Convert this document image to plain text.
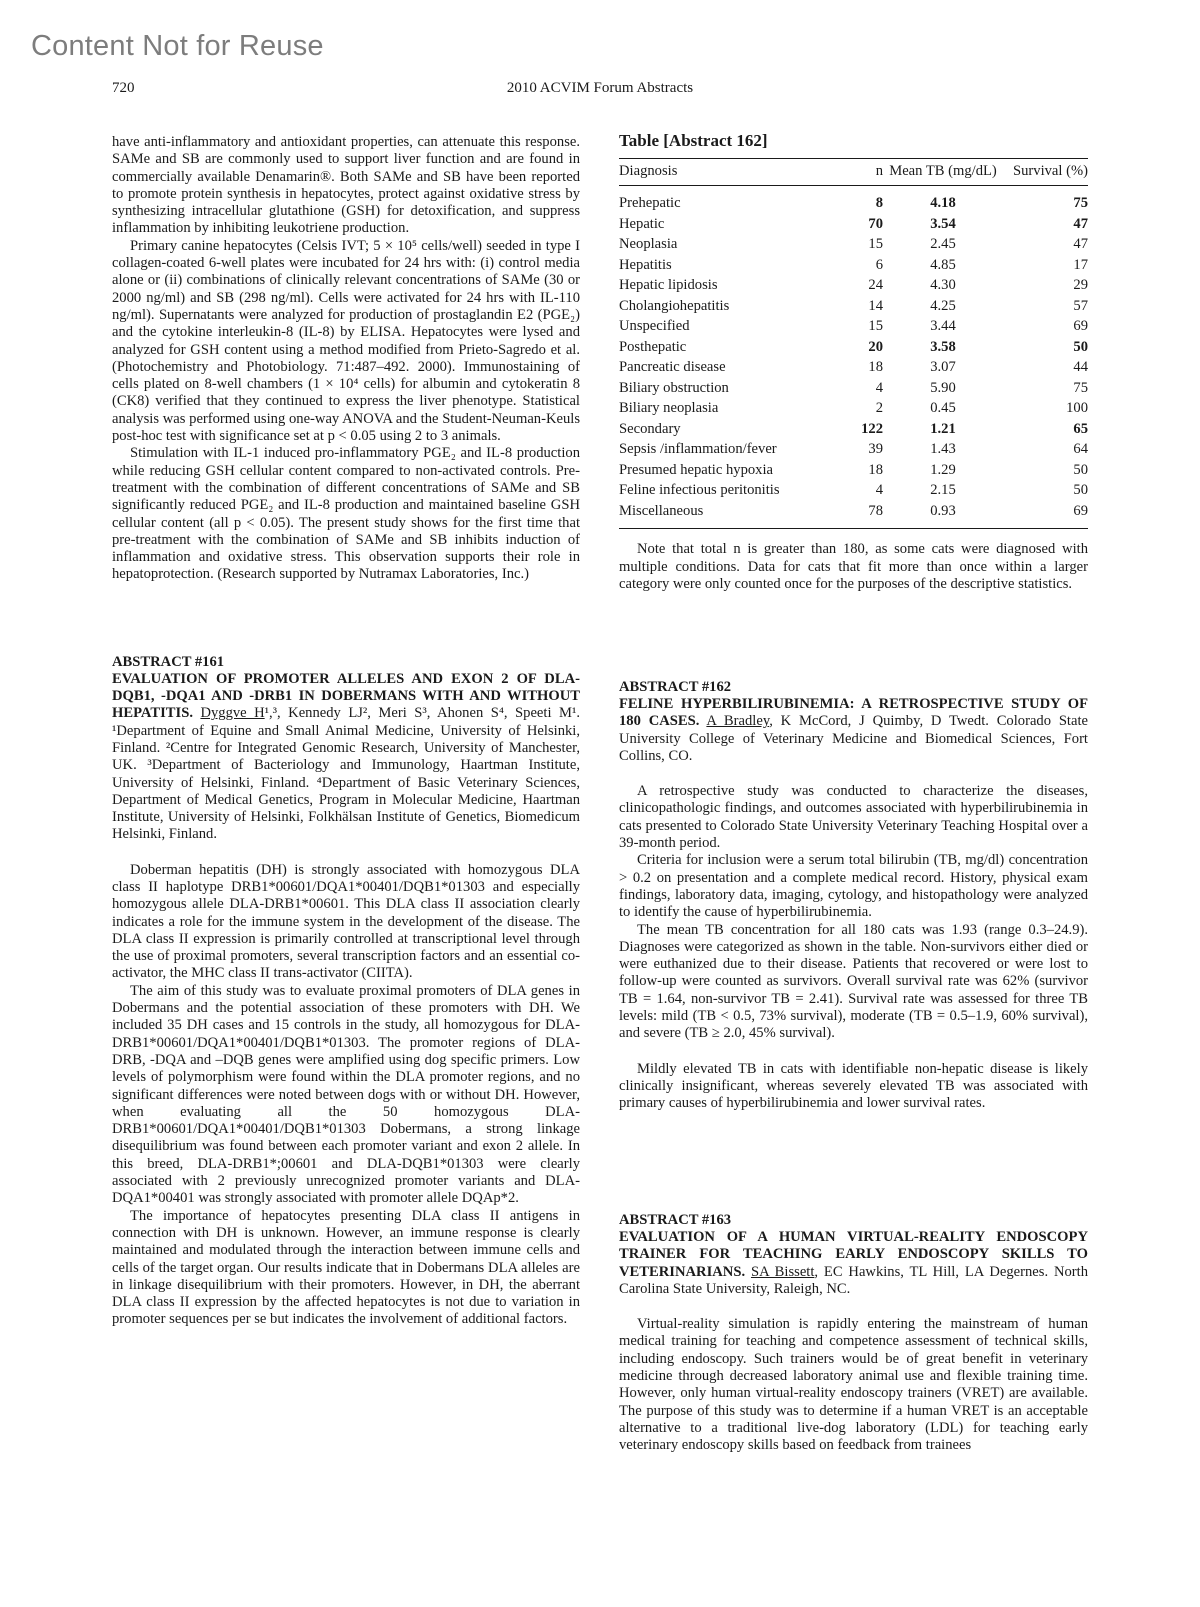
Content Not for Reuse
720	2010 ACVIM Forum Abstracts

have anti-inflammatory and antioxidant properties, can attenuate this response. SAMe and SB are commonly used to support liver function and are found in commercially available Denamarin®. Both SAMe and SB have been reported to promote protein synthesis in hepatocytes, protect against oxidative stress by synthesizing intracellular glutathione (GSH) for detoxification, and suppress inflammation by inhibiting leukotriene production.

Primary canine hepatocytes (Celsis IVT; 5 × 10⁵ cells/well) seeded in type I collagen-coated 6-well plates were incubated for 24 hrs with: (i) control media alone or (ii) combinations of clinically relevant concentrations of SAMe (30 or 2000 ng/ml) and SB (298 ng/ml). Cells were activated for 24 hrs with IL-110 ng/ml). Supernatants were analyzed for production of prostaglandin E2 (PGE₂) and the cytokine interleukin-8 (IL-8) by ELISA. Hepatocytes were lysed and analyzed for GSH content using a method modified from Prieto-Sagredo et al. (Photochemistry and Photobiology. 71:487–492. 2000). Immunostaining of cells plated on 8-well chambers (1 × 10⁴ cells) for albumin and cytokeratin 8 (CK8) verified that they continued to express the liver phenotype. Statistical analysis was performed using one-way ANOVA and the Student-Neuman-Keuls post-hoc test with significance set at p < 0.05 using 2 to 3 animals.

Stimulation with IL-1 induced pro-inflammatory PGE₂ and IL-8 production while reducing GSH cellular content compared to non-activated controls. Pre-treatment with the combination of different concentrations of SAMe and SB significantly reduced PGE₂ and IL-8 production and maintained baseline GSH cellular content (all p < 0.05). The present study shows for the first time that pre-treatment with the combination of SAMe and SB inhibits induction of inflammation and oxidative stress. This observation supports their role in hepatoprotection. (Research supported by Nutramax Laboratories, Inc.)

ABSTRACT #161

EVALUATION OF PROMOTER ALLELES AND EXON 2 OF DLA-DQB1, -DQA1 AND -DRB1 IN DOBERMANS WITH AND WITHOUT HEPATITIS. Dyggve H¹,³, Kennedy LJ², Meri S³, Ahonen S⁴, Speeti M¹. ¹Department of Equine and Small Animal Medicine, University of Helsinki, Finland. ²Centre for Integrated Genomic Research, University of Manchester, UK. ³Department of Bacteriology and Immunology, Haartman Institute, University of Helsinki, Finland. ⁴Department of Basic Veterinary Sciences, Department of Medical Genetics, Program in Molecular Medicine, Haartman Institute, University of Helsinki, Folkhälsan Institute of Genetics, Biomedicum Helsinki, Finland.

Doberman hepatitis (DH) is strongly associated with homozygous DLA class II haplotype DRB1*00601/DQA1*00401/DQB1*01303 and especially homozygous allele DLA-DRB1*00601. This DLA class II association clearly indicates a role for the immune system in the development of the disease. The DLA class II expression is primarily controlled at transcriptional level through the use of proximal promoters, several transcription factors and an essential co-activator, the MHC class II trans-activator (CIITA).

The aim of this study was to evaluate proximal promoters of DLA genes in Dobermans and the potential association of these promoters with DH. We included 35 DH cases and 15 controls in the study, all homozygous for DLA- DRB1*00601/DQA1*00401/DQB1*01303. The promoter regions of DLA-DRB, -DQA and –DQB genes were amplified using dog specific primers. Low levels of polymorphism were found within the DLA promoter regions, and no significant differences were noted between dogs with or without DH. However, when evaluating all the 50 homozygous DLA-DRB1*00601/DQA1*00401/DQB1*01303 Dobermans, a strong linkage disequilibrium was found between each promoter variant and exon 2 allele. In this breed, DLA-DRB1*;00601 and DLA-DQB1*01303 were clearly associated with 2 previously unrecognized promoter variants and DLA-DQA1*00401 was strongly associated with promoter allele DQAp*2.

The importance of hepatocytes presenting DLA class II antigens in connection with DH is unknown. However, an immune response is clearly maintained and modulated through the interaction between immune cells and cells of the target organ. Our results indicate that in Dobermans DLA alleles are in linkage disequilibrium with their promoters. However, in DH, the aberrant DLA class II expression by the affected hepatocytes is not due to variation in promoter sequences per se but indicates the involvement of additional factors.

Table [Abstract 162]
Diagnosis	n	Mean TB (mg/dL)	Survival (%)
Prehepatic	8	4.18	75
Hepatic	70	3.54	47
Neoplasia	15	2.45	47
Hepatitis	6	4.85	17
Hepatic lipidosis	24	4.30	29
Cholangiohepatitis	14	4.25	57
Unspecified	15	3.44	69
Posthepatic	20	3.58	50
Pancreatic disease	18	3.07	44
Biliary obstruction	4	5.90	75
Biliary neoplasia	2	0.45	100
Secondary	122	1.21	65
Sepsis /inflammation/fever	39	1.43	64
Presumed hepatic hypoxia	18	1.29	50
Feline infectious peritonitis	4	2.15	50
Miscellaneous	78	0.93	69

Note that total n is greater than 180, as some cats were diagnosed with multiple conditions. Data for cats that fit more than once within a larger category were only counted once for the purposes of the descriptive statistics.

ABSTRACT #162

FELINE HYPERBILIRUBINEMIA: A RETROSPECTIVE STUDY OF 180 CASES. A Bradley, K McCord, J Quimby, D Twedt. Colorado State University College of Veterinary Medicine and Biomedical Sciences, Fort Collins, CO.

A retrospective study was conducted to characterize the diseases, clinicopathologic findings, and outcomes associated with hyperbilirubinemia in cats presented to Colorado State University Veterinary Teaching Hospital over a 39-month period.

Criteria for inclusion were a serum total bilirubin (TB, mg/dl) concentration > 0.2 on presentation and a complete medical record. History, physical exam findings, laboratory data, imaging, cytology, and histopathology were analyzed to identify the cause of hyperbilirubinemia.

The mean TB concentration for all 180 cats was 1.93 (range 0.3–24.9). Diagnoses were categorized as shown in the table. Non-survivors either died or were euthanized due to their disease. Patients that recovered or were lost to follow-up were counted as survivors. Overall survival rate was 62% (survivor TB = 1.64, non-survivor TB = 2.41). Survival rate was assessed for three TB levels: mild (TB < 0.5, 73% survival), moderate (TB = 0.5–1.9, 60% survival), and severe (TB ≥ 2.0, 45% survival).

Mildly elevated TB in cats with identifiable non-hepatic disease is likely clinically insignificant, whereas severely elevated TB was associated with primary causes of hyperbilirubinemia and lower survival rates.

ABSTRACT #163

EVALUATION OF A HUMAN VIRTUAL-REALITY ENDOSCOPY TRAINER FOR TEACHING EARLY ENDOSCOPY SKILLS TO VETERINARIANS. SA Bissett, EC Hawkins, TL Hill, LA Degernes. North Carolina State University, Raleigh, NC.

Virtual-reality simulation is rapidly entering the mainstream of human medical training for teaching and competence assessment of technical skills, including endoscopy. Such trainers would be of great benefit in veterinary medicine through decreased laboratory animal use and flexible training time. However, only human virtual-reality endoscopy trainers (VRET) are available. The purpose of this study was to determine if a human VRET is an acceptable alternative to a traditional live-dog laboratory (LDL) for teaching early veterinary endoscopy skills based on feedback from trainees
